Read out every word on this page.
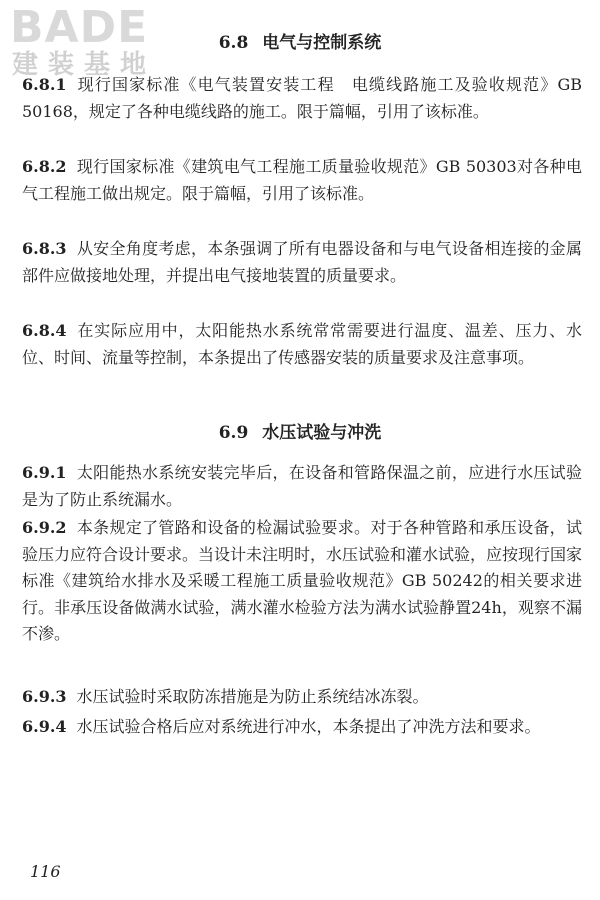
BADE
建装基地
6.8 电气与控制系统
6.8.1 现行国家标准《电气装置安装工程　电缆线路施工及验收规范》GB 50168，规定了各种电缆线路的施工。限于篇幅，引用了该标准。
6.8.2 现行国家标准《建筑电气工程施工质量验收规范》GB 50303对各种电气工程施工做出规定。限于篇幅，引用了该标准。
6.8.3 从安全角度考虑，本条强调了所有电器设备和与电气设备相连接的金属部件应做接地处理，并提出电气接地装置的质量要求。
6.8.4 在实际应用中，太阳能热水系统常常需要进行温度、温差、压力、水位、时间、流量等控制，本条提出了传感器安装的质量要求及注意事项。
6.9 水压试验与冲洗
6.9.1 太阳能热水系统安装完毕后，在设备和管路保温之前，应进行水压试验是为了防止系统漏水。
6.9.2 本条规定了管路和设备的检漏试验要求。对于各种管路和承压设备，试验压力应符合设计要求。当设计未注明时，水压试验和灌水试验，应按现行国家标准《建筑给水排水及采暖工程施工质量验收规范》GB 50242的相关要求进行。非承压设备做满水试验，满水灌水检验方法为满水试验静置24h，观察不漏不渗。
6.9.3 水压试验时采取防冻措施是为防止系统结冰冻裂。
6.9.4 水压试验合格后应对系统进行冲水，本条提出了冲洗方法和要求。
116
